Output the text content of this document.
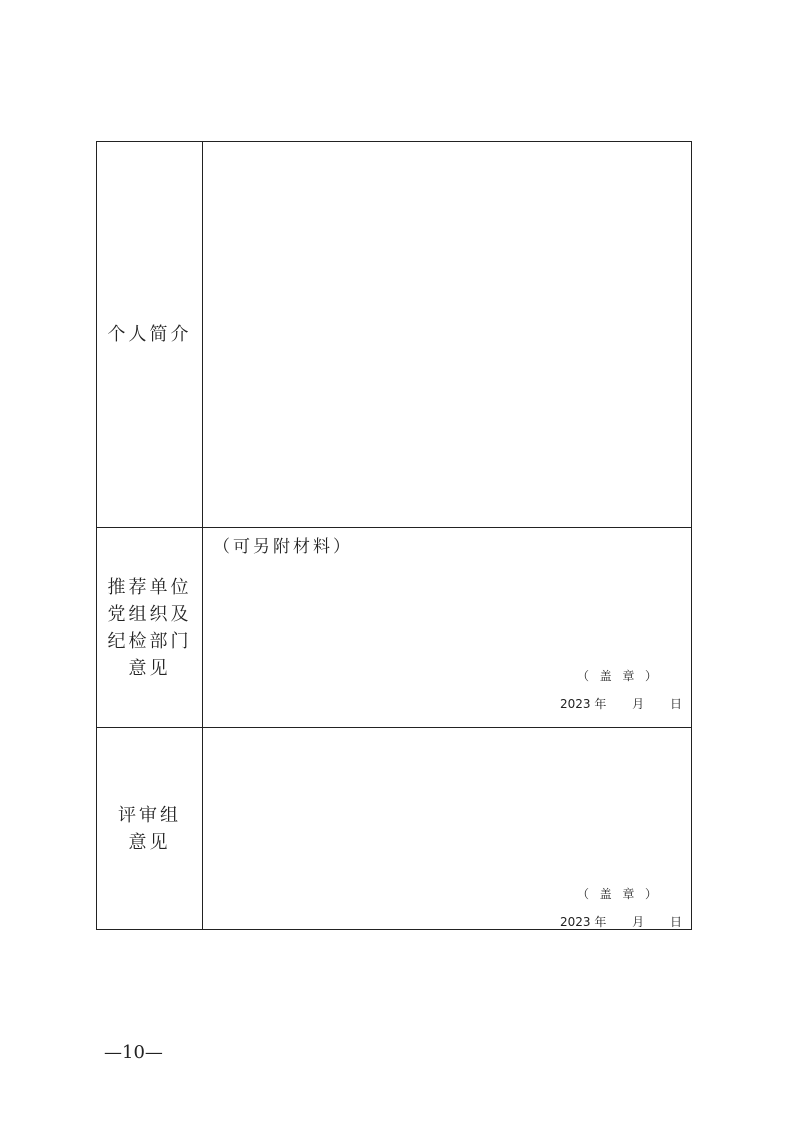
个人简介
推荐单位
党组织及
纪检部门
意见
（可另附材料）
（ 盖 章 ）
2023 年 月 日
评审组
意见
（ 盖 章 ）
2023 年 月 日
—10—
